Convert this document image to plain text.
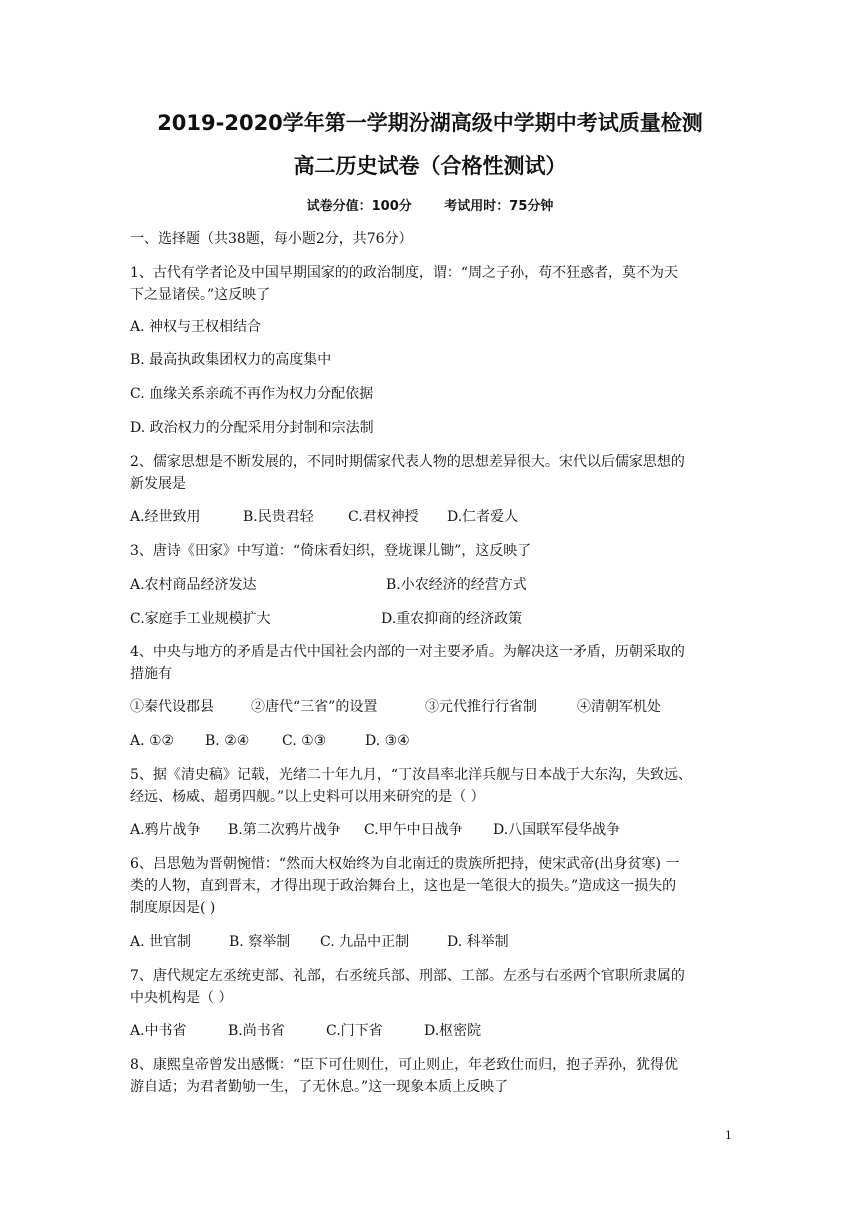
2019-2020学年第一学期汾湖高级中学期中考试质量检测
高二历史试卷（合格性测试）
试卷分值：100分	考试用时：75分钟
一、选择题（共38题，每小题2分，共76分）
1、古代有学者论及中国早期国家的的政治制度，谓：“周之子孙，苟不狂惑者，莫不为天
下之显诸侯。”这反映了
A. 神权与王权相结合
B. 最高执政集团权力的高度集中
C. 血缘关系亲疏不再作为权力分配依据
D. 政治权力的分配采用分封制和宗法制
2、儒家思想是不断发展的，不同时期儒家代表人物的思想差异很大。宋代以后儒家思想的
新发展是
A.经世致用	B.民贵君轻 C.君权神授 D.仁者爱人
3、唐诗《田家》中写道：“倚床看妇织，登垅课儿锄”，这反映了
A.农村商品经济发达	B.小农经济的经营方式
C.家庭手工业规模扩大	D.重农抑商的经济政策
4、中央与地方的矛盾是古代中国社会内部的一对主要矛盾。为解决这一矛盾，历朝采取的
措施有
①秦代设郡县	②唐代“三省”的设置	③元代推行行省制	④清朝军机处
A. ①② B. ②④ C. ①③	D. ③④
5、据《清史稿》记载，光绪二十年九月，“丁汝昌率北洋兵舰与日本战于大东沟，失致远、
经远、杨威、超勇四舰。”以上史料可以用来研究的是（ ）
A.鸦片战争 B.第二次鸦片战争 C.甲午中日战争 D.八国联军侵华战争
6、吕思勉为晋朝惋惜：“然而大权始终为自北南迁的贵族所把持，使宋武帝(出身贫寒) 一
类的人物，直到晋末，才得出现于政治舞台上，这也是一笔很大的损失。”造成这一损失的
制度原因是( )
A. 世官制	B. 察举制 C. 九品中正制	D. 科举制
7、唐代规定左丞统吏部、礼部，右丞统兵部、刑部、工部。左丞与右丞两个官职所隶属的
中央机构是（ ）
A.中书省	B.尚书省	C.门下省	D.枢密院
8、康熙皇帝曾发出感慨：“臣下可仕则仕，可止则止，年老致仕而归，抱子弄孙，犹得优
游自适；为君者勤劬一生，了无休息。”这一现象本质上反映了
1
